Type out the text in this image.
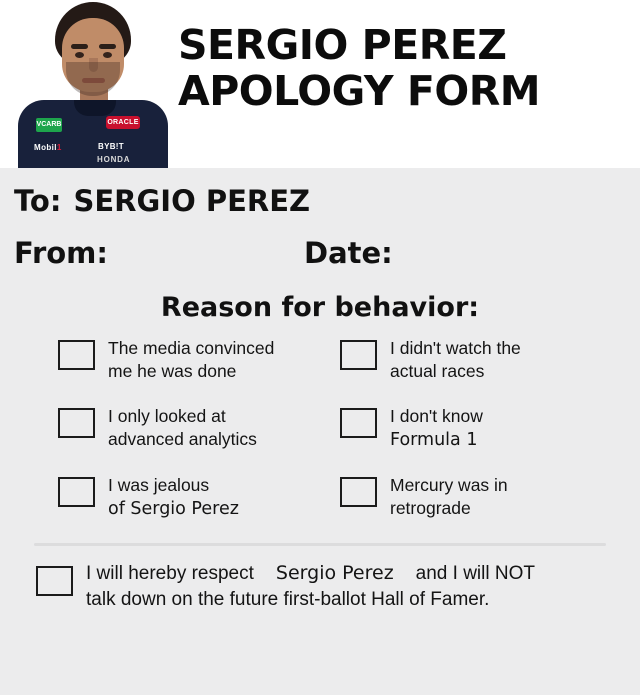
VCARB	ORACLE
Mobil1	BYB!T
HONDA
SERGIO PEREZ
APOLOGY FORM
To: SERGIO PEREZ
From:	Date:
Reason for behavior:
The media convinced
me he was done
I didn't watch the
actual races
I only looked at
advanced analytics
I don't know
Formula 1
I was jealous
of Sergio Perez
Mercury was in
retrograde
I will hereby respect Sergio Perez and I will NOT
talk down on the future first-ballot Hall of Famer.
